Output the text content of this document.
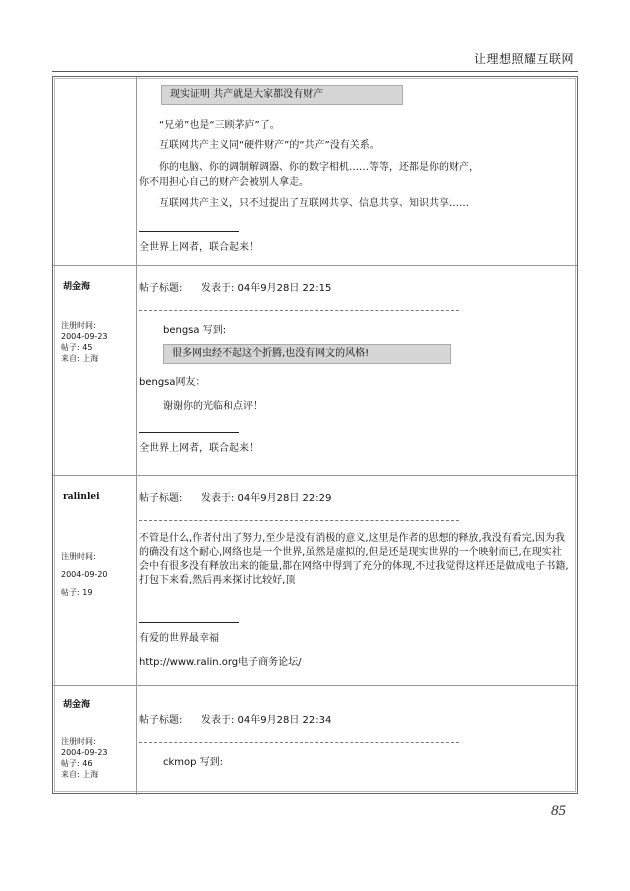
让理想照耀互联网
现实证明 共产就是大家都没有财产
“兄弟”也是“三顾茅庐”了。
互联网共产主义同“硬件财产”的“共产”没有关系。
你的电脑、你的调制解调器、你的数字相机……等等，还都是你的财产，
你不用担心自己的财产会被别人拿走。
互联网共产主义，只不过提出了互联网共享、信息共享、知识共享……
全世界上网者，联合起来！
胡金海
注册时间:
2004-09-23
帖子: 45
来自: 上海
帖子标题: 发表于: 04年9月28日 22:15
bengsa 写到:
很多网虫经不起这个折腾,也没有网文的风格!
bengsa网友：
谢谢你的光临和点评！
全世界上网者，联合起来！
ralinlei
注册时间:
2004-09-20
帖子: 19
帖子标题: 发表于: 04年9月28日 22:29
不管是什么,作者付出了努力,至少是没有消极的意义,这里是作者的思想的释放,我没有看完,因为我的确没有这个耐心,网络也是一个世界,虽然是虚拟的,但是还是现实世界的一个映射而已,在现实社会中有很多没有释放出来的能量,都在网络中得到了充分的体现,不过我觉得这样还是做成电子书籍,打包下来看,然后再来探讨比较好,顶
有爱的世界最幸福
http://www.ralin.org电子商务论坛/
胡金海
注册时间:
2004-09-23
帖子: 46
来自: 上海
帖子标题: 发表于: 04年9月28日 22:34
ckmop 写到:
85
